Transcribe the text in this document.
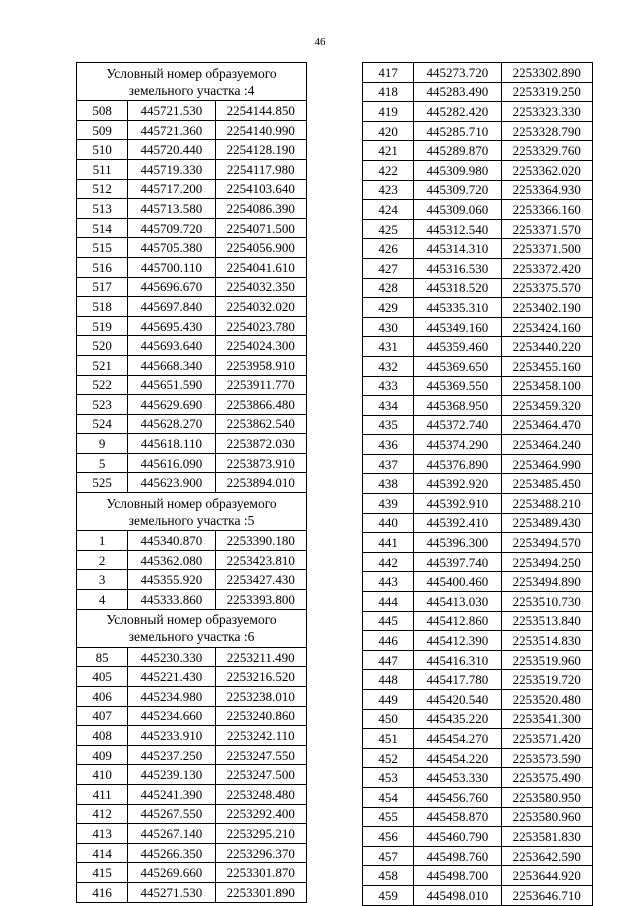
46
Условный номер образуемого земельного участка :4		
508	445721.530	2254144.850
509	445721.360	2254140.990
510	445720.440	2254128.190
511	445719.330	2254117.980
512	445717.200	2254103.640
513	445713.580	2254086.390
514	445709.720	2254071.500
515	445705.380	2254056.900
516	445700.110	2254041.610
517	445696.670	2254032.350
518	445697.840	2254032.020
519	445695.430	2254023.780
520	445693.640	2254024.300
521	445668.340	2253958.910
522	445651.590	2253911.770
523	445629.690	2253866.480
524	445628.270	2253862.540
9	445618.110	2253872.030
5	445616.090	2253873.910
525	445623.900	2253894.010
Условный номер образуемого земельного участка :5		
1	445340.870	2253390.180
2	445362.080	2253423.810
3	445355.920	2253427.430
4	445333.860	2253393.800
Условный номер образуемого земельного участка :6		
85	445230.330	2253211.490
405	445221.430	2253216.520
406	445234.980	2253238.010
407	445234.660	2253240.860
408	445233.910	2253242.110
409	445237.250	2253247.550
410	445239.130	2253247.500
411	445241.390	2253248.480
412	445267.550	2253292.400
413	445267.140	2253295.210
414	445266.350	2253296.370
415	445269.660	2253301.870
416	445271.530	2253301.890
417	445273.720	2253302.890
418	445283.490	2253319.250
419	445282.420	2253323.330
420	445285.710	2253328.790
421	445289.870	2253329.760
422	445309.980	2253362.020
423	445309.720	2253364.930
424	445309.060	2253366.160
425	445312.540	2253371.570
426	445314.310	2253371.500
427	445316.530	2253372.420
428	445318.520	2253375.570
429	445335.310	2253402.190
430	445349.160	2253424.160
431	445359.460	2253440.220
432	445369.650	2253455.160
433	445369.550	2253458.100
434	445368.950	2253459.320
435	445372.740	2253464.470
436	445374.290	2253464.240
437	445376.890	2253464.990
438	445392.920	2253485.450
439	445392.910	2253488.210
440	445392.410	2253489.430
441	445396.300	2253494.570
442	445397.740	2253494.250
443	445400.460	2253494.890
444	445413.030	2253510.730
445	445412.860	2253513.840
446	445412.390	2253514.830
447	445416.310	2253519.960
448	445417.780	2253519.720
449	445420.540	2253520.480
450	445435.220	2253541.300
451	445454.270	2253571.420
452	445454.220	2253573.590
453	445453.330	2253575.490
454	445456.760	2253580.950
455	445458.870	2253580.960
456	445460.790	2253581.830
457	445498.760	2253642.590
458	445498.700	2253644.920
459	445498.010	2253646.710
